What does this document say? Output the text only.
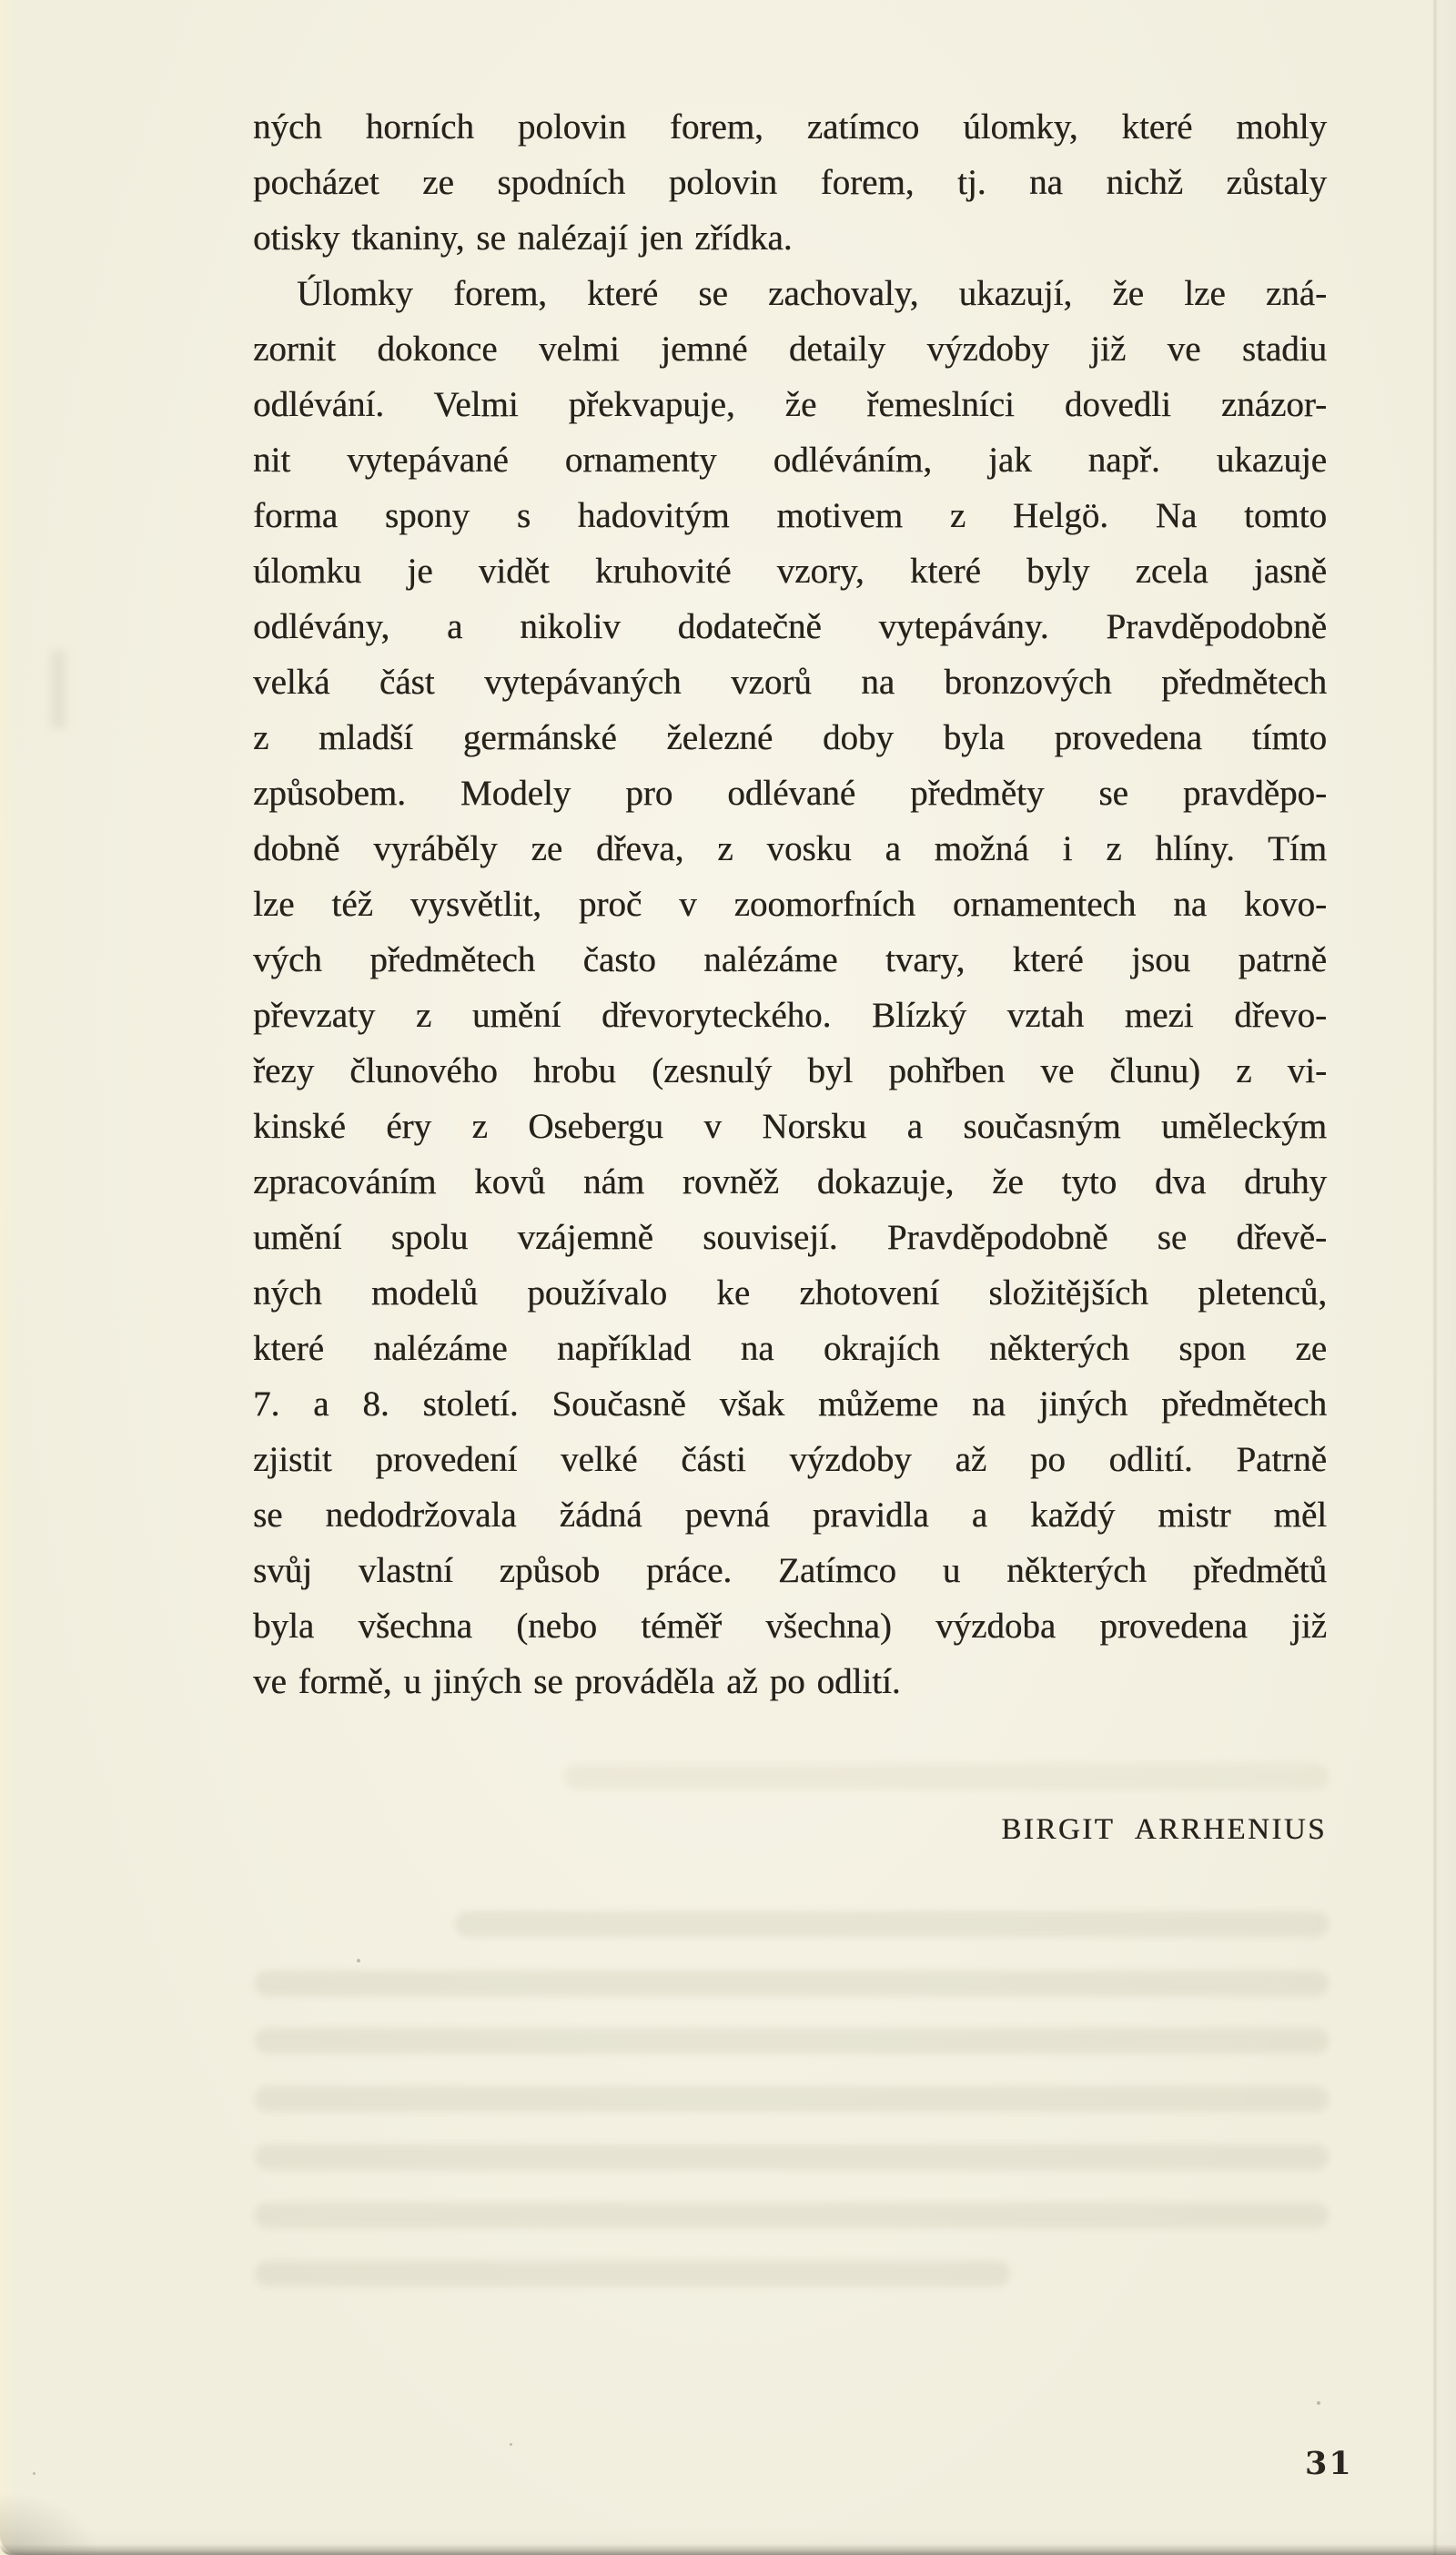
ných horních polovin forem, zatímco úlomky, které mohly
pocházet ze spodních polovin forem, tj. na nichž zůstaly
otisky tkaniny, se nalézají jen zřídka.
Úlomky forem, které se zachovaly, ukazují, že lze zná-
zornit dokonce velmi jemné detaily výzdoby již ve stadiu
odlévání. Velmi překvapuje, že řemeslníci dovedli znázor-
nit vytepávané ornamenty odléváním, jak např. ukazuje
forma spony s hadovitým motivem z Helgö. Na tomto
úlomku je vidět kruhovité vzory, které byly zcela jasně
odlévány, a nikoliv dodatečně vytepávány. Pravděpodobně
velká část vytepávaných vzorů na bronzových předmětech
z mladší germánské železné doby byla provedena tímto
způsobem. Modely pro odlévané předměty se pravděpo-
dobně vyráběly ze dřeva, z vosku a možná i z hlíny. Tím
lze též vysvětlit, proč v zoomorfních ornamentech na kovo-
vých předmětech často nalézáme tvary, které jsou patrně
převzaty z umění dřevoryteckého. Blízký vztah mezi dřevo-
řezy člunového hrobu (zesnulý byl pohřben ve člunu) z vi-
kinské éry z Osebergu v Norsku a současným uměleckým
zpracováním kovů nám rovněž dokazuje, že tyto dva druhy
umění spolu vzájemně souvisejí. Pravděpodobně se dřevě-
ných modelů používalo ke zhotovení složitějších pletenců,
které nalézáme například na okrajích některých spon ze
7. a 8. století. Současně však můžeme na jiných předmětech
zjistit provedení velké části výzdoby až po odlití. Patrně
se nedodržovala žádná pevná pravidla a každý mistr měl
svůj vlastní způsob práce. Zatímco u některých předmětů
byla všechna (nebo téměř všechna) výzdoba provedena již
ve formě, u jiných se prováděla až po odlití.
BIRGIT ARRHENIUS
31
